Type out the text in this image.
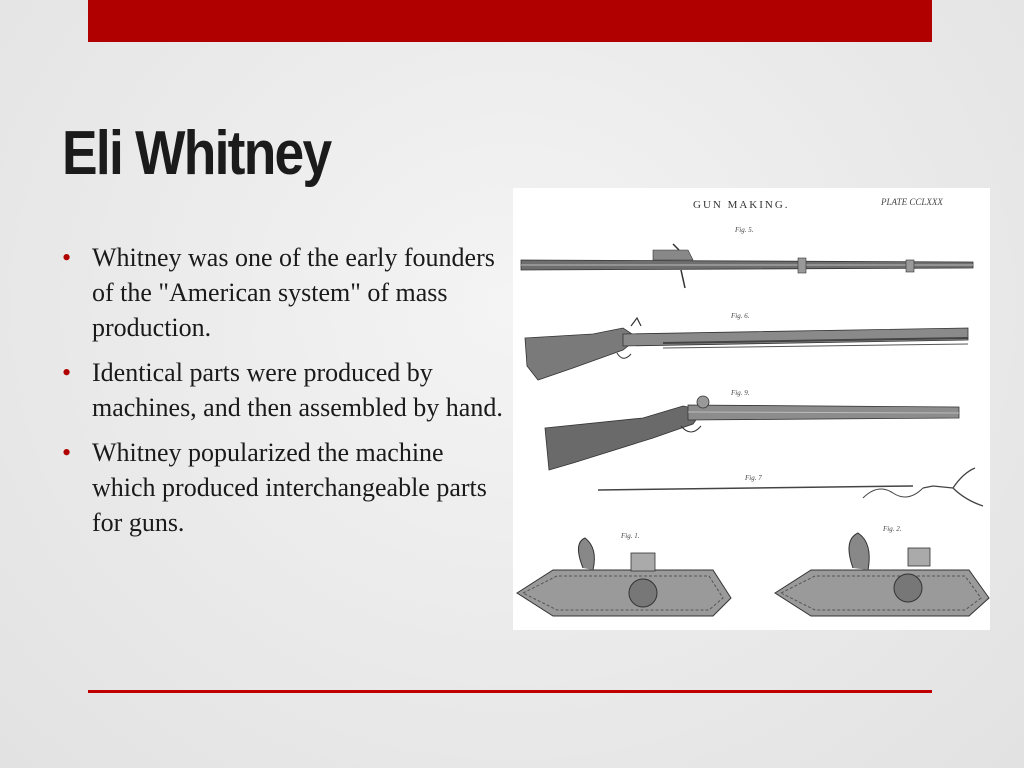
Eli Whitney
• Whitney was one of the early founders of the "American system" of mass production.
• Identical parts were produced by machines, and then assembled by hand.
• Whitney popularized the machine which produced interchangeable parts for guns.
GUN MAKING.	PLATE CCLXXX
Fig. 5.
Fig. 6.
Fig. 9.
Fig. 7
Fig. 1.
Fig. 2.
